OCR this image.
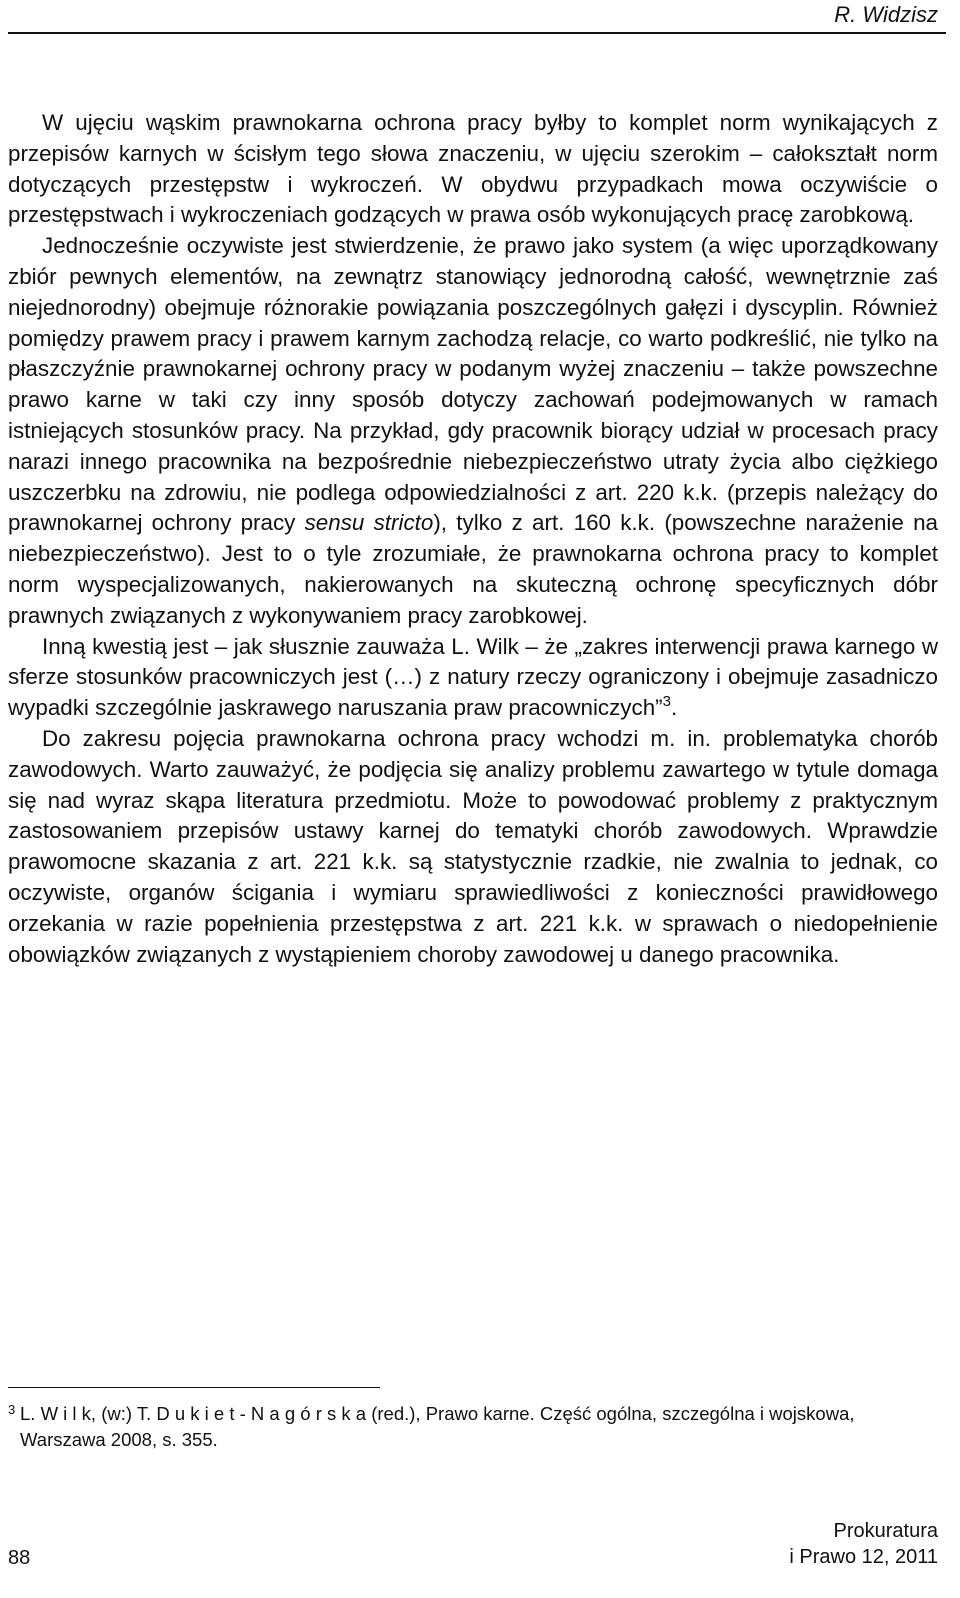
R. Widzisz

W ujęciu wąskim prawnokarna ochrona pracy byłby to komplet norm wynikających z przepisów karnych w ścisłym tego słowa znaczeniu, w ujęciu szerokim – całokształt norm dotyczących przestępstw i wykroczeń. W obydwu przypadkach mowa oczywiście o przestępstwach i wykroczeniach godzących w prawa osób wykonujących pracę zarobkową.

Jednocześnie oczywiste jest stwierdzenie, że prawo jako system (a więc uporządkowany zbiór pewnych elementów, na zewnątrz stanowiący jednorodną całość, wewnętrznie zaś niejednorodny) obejmuje różnorakie powiązania poszczególnych gałęzi i dyscyplin. Również pomiędzy prawem pracy i prawem karnym zachodzą relacje, co warto podkreślić, nie tylko na płaszczyźnie prawnokarnej ochrony pracy w podanym wyżej znaczeniu – także powszechne prawo karne w taki czy inny sposób dotyczy zachowań podejmowanych w ramach istniejących stosunków pracy. Na przykład, gdy pracownik biorący udział w procesach pracy narazi innego pracownika na bezpośrednie niebezpieczeństwo utraty życia albo ciężkiego uszczerbku na zdrowiu, nie podlega odpowiedzialności z art. 220 k.k. (przepis należący do prawnokarnej ochrony pracy sensu stricto), tylko z art. 160 k.k. (powszechne narażenie na niebezpieczeństwo). Jest to o tyle zrozumiałe, że prawnokarna ochrona pracy to komplet norm wyspecjalizowanych, nakierowanych na skuteczną ochronę specyficznych dóbr prawnych związanych z wykonywaniem pracy zarobkowej.

Inną kwestią jest – jak słusznie zauważa L. Wilk – że „zakres interwencji prawa karnego w sferze stosunków pracowniczych jest (…) z natury rzeczy ograniczony i obejmuje zasadniczo wypadki szczególnie jaskrawego naruszania praw pracowniczych”$^3$.

Do zakresu pojęcia prawnokarna ochrona pracy wchodzi m. in. problematyka chorób zawodowych. Warto zauważyć, że podjęcia się analizy problemu zawartego w tytule domaga się nad wyraz skąpa literatura przedmiotu. Może to powodować problemy z praktycznym zastosowaniem przepisów ustawy karnej do tematyki chorób zawodowych. Wprawdzie prawomocne skazania z art. 221 k.k. są statystycznie rzadkie, nie zwalnia to jednak, co oczywiste, organów ścigania i wymiaru sprawiedliwości z konieczności prawidłowego orzekania w razie popełnienia przestępstwa z art. 221 k.k. w sprawach o niedopełnienie obowiązków związanych z wystąpieniem choroby zawodowej u danego pracownika.

3 L. W i l k, (w:) T. D u k i e t - N a g ó r s k a (red.), Prawo karne. Część ogólna, szczególna i wojskowa, Warszawa 2008, s. 355.
88
Prokuratura
i Prawo 12, 2011
